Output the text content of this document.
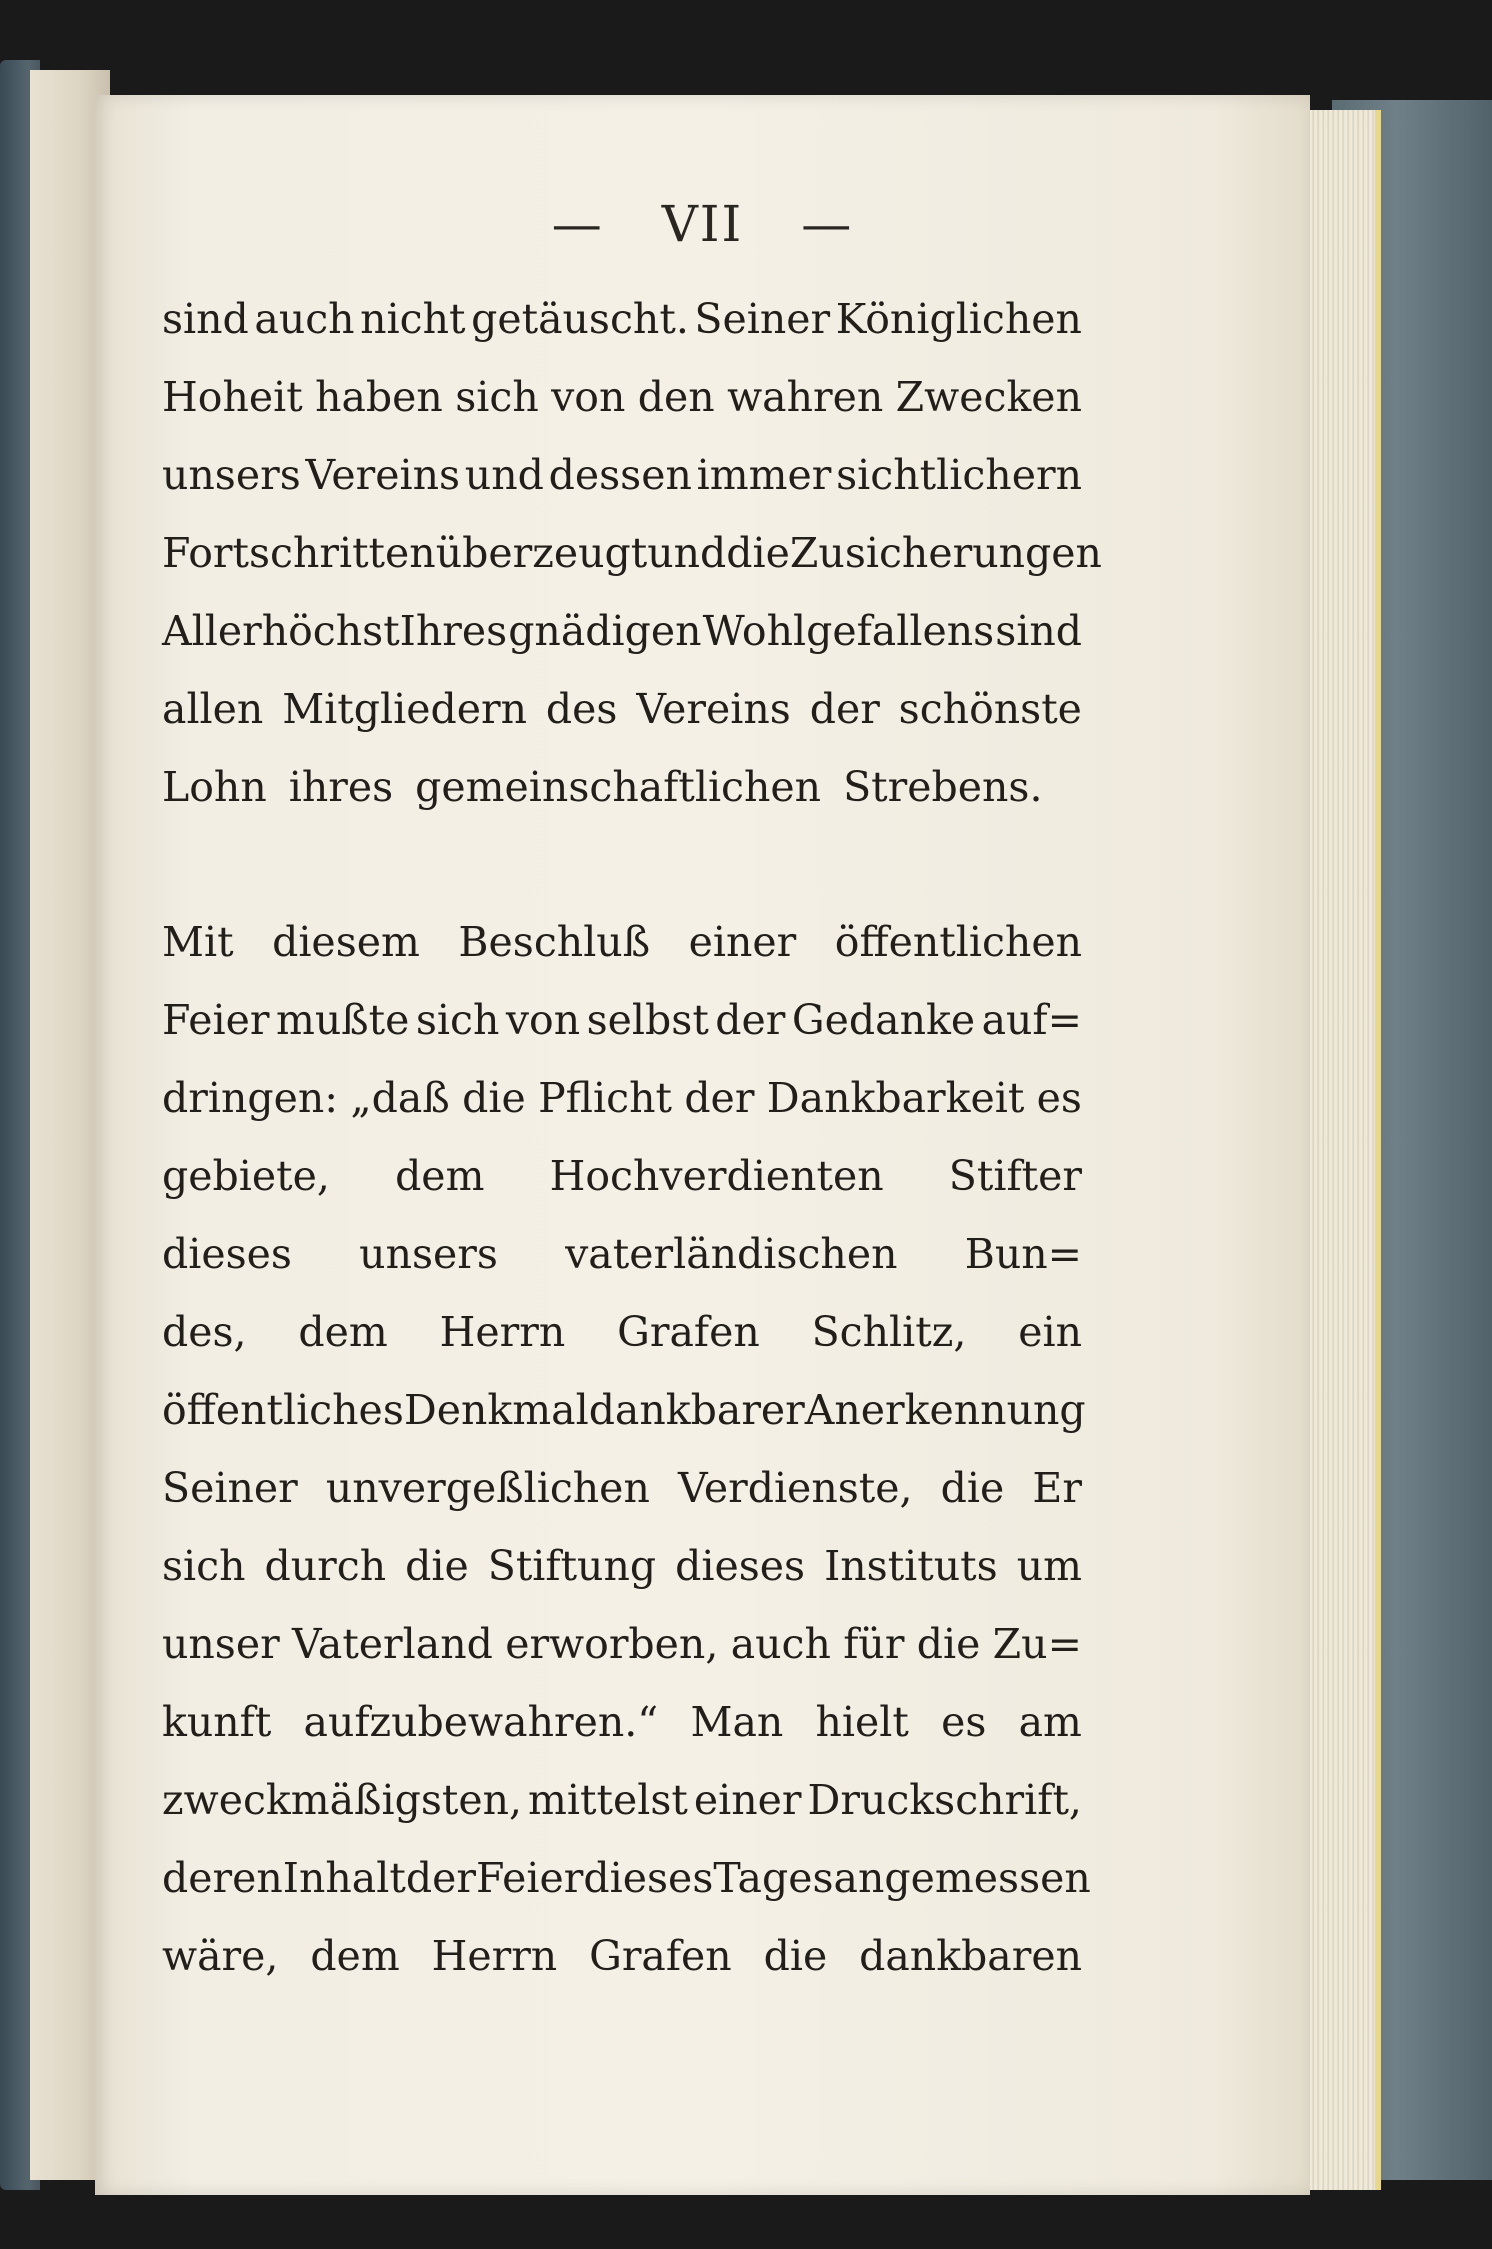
— VII —
sind auch nicht getäuscht. Seiner Königlichen
Hoheit haben sich von den wahren Zwecken
unsers Vereins und dessen immer sichtlichern
Fortschritten überzeugt und die Zusicherungen
AllerhöchstIhres gnädigen Wohlgefallens sind
allen Mitgliedern des Vereins der schönste
Lohn ihres gemeinschaftlichen Strebens.
Mit diesem Beschluß einer öffentlichen
Feier mußte sich von selbst der Gedanke auf=
dringen: „daß die Pflicht der Dankbarkeit es
gebiete, dem Hochverdienten Stifter
dieses unsers vaterländischen Bun=
des, dem Herrn Grafen Schlitz, ein
öffentliches Denkmal dankbarer Anerkennung
Seiner unvergeßlichen Verdienste, die Er
sich durch die Stiftung dieses Instituts um
unser Vaterland erworben, auch für die Zu=
kunft aufzubewahren.“ Man hielt es am
zweckmäßigsten, mittelst einer Druckschrift,
deren Inhalt der Feier dieses Tages angemessen
wäre, dem Herrn Grafen die dankbaren
